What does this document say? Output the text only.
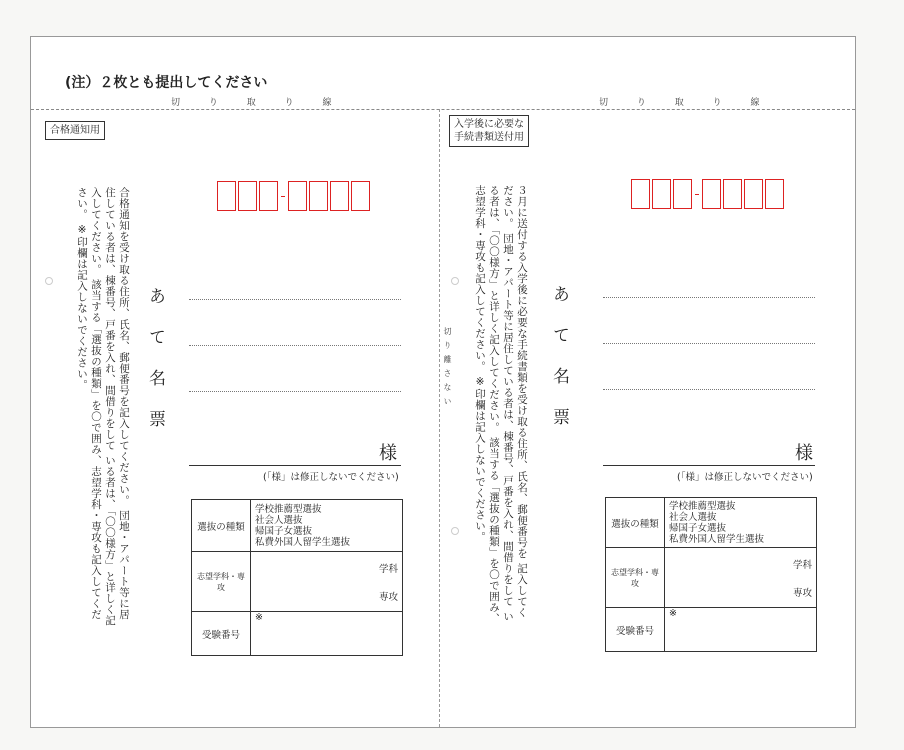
(注）２枚とも提出してください
切 り 取 り 線	切 り 取 り 線
切り離さない
合格通知用
合格通知を受け取る住所、氏名、郵便番号を記入してください。 団地・アパート等に居住している者は、棟番号、戸番を入れ、間借りをして いる者は、「〇〇様方」と详しく記入してください。 該当する「選抜の種類」を〇で囲み、志望学科・専攻も記入してください。 ※印欄は記入しないでください。	あて名票
様
(「様」は修正しないでください)
選抜の種類	学校推薦型選抜
社会人選抜
帰国子女選抜
私費外国人留学生選抜

志望学科・専攻	学科
専攻

受験番号	※
入学後に必要な
手続書類送付用
３月に送付する入学後に必要な手続書類を受け取る住所、氏名、郵便番号を 記入してください。 団地・アパート等に居住している者は、棟番号、戸番を入れ、間借りをして いる者は、「〇〇様方」と详しく記入してください。 該当する「選抜の種類」を〇で囲み、志望学科・専攻も記入してください。 ※印欄は記入しないでください。
あて名票
様
(「様」は修正しないでください)
選抜の種類	学校推薦型選抜
社会人選抜
帰国子女選抜
私費外国人留学生選抜

志望学科・専攻	学科
専攻

受験番号	※
